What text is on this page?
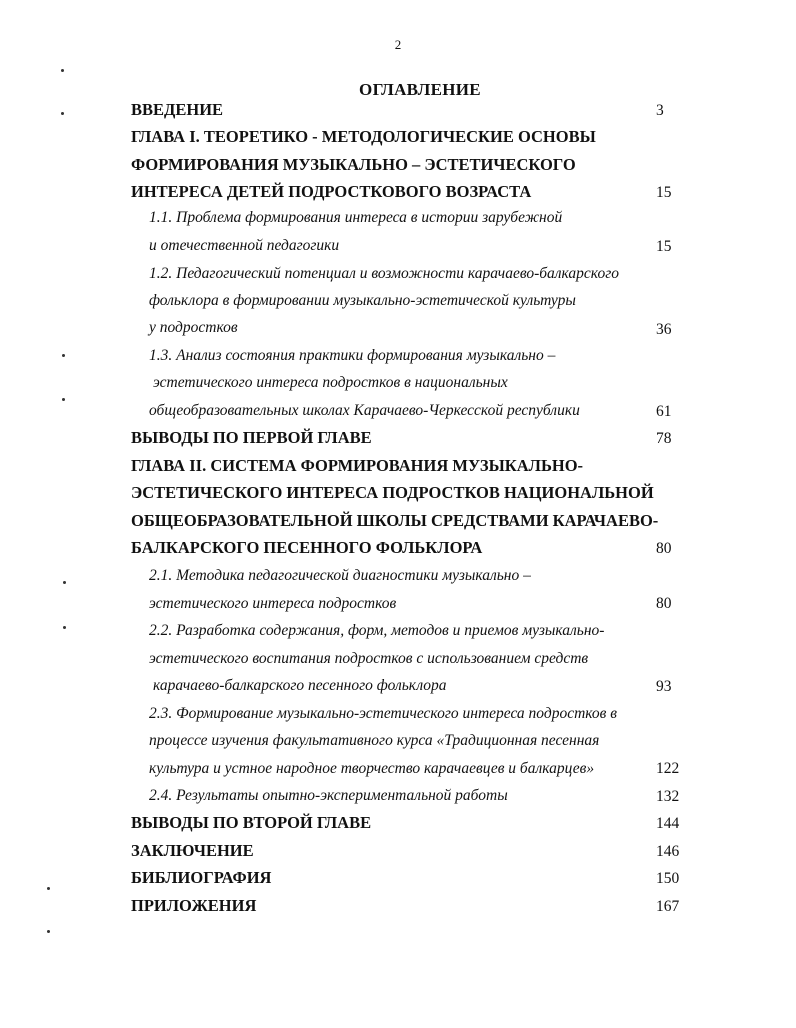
2
ОГЛАВЛЕНИЕ
ВВЕДЕНИЕ	3
ГЛАВА I. ТЕОРЕТИКО - МЕТОДОЛОГИЧЕСКИЕ ОСНОВЫ
ФОРМИРОВАНИЯ МУЗЫКАЛЬНО – ЭСТЕТИЧЕСКОГО
ИНТЕРЕСА ДЕТЕЙ ПОДРОСТКОВОГО ВОЗРАСТА	15
1.1. Проблема формирования интереса в истории зарубежной
и отечественной педагогики	15
1.2. Педагогический потенциал и возможности карачаево-балкарского
фольклора в формировании музыкально-эстетической культуры
у подростков	36
1.3. Анализ состояния практики формирования музыкально –
эстетического интереса подростков в национальных
общеобразовательных школах Карачаево-Черкесской республики	61
ВЫВОДЫ ПО ПЕРВОЙ ГЛАВЕ	78
ГЛАВА II. СИСТЕМА ФОРМИРОВАНИЯ МУЗЫКАЛЬНО-
ЭСТЕТИЧЕСКОГО ИНТЕРЕСА ПОДРОСТКОВ НАЦИОНАЛЬНОЙ
ОБЩЕОБРАЗОВАТЕЛЬНОЙ ШКОЛЫ СРЕДСТВАМИ КАРАЧАЕВО-
БАЛКАРСКОГО ПЕСЕННОГО ФОЛЬКЛОРА	80
2.1. Методика педагогической диагностики музыкально –
эстетического интереса подростков	80
2.2. Разработка содержания, форм, методов и приемов музыкально-
эстетического воспитания подростков с использованием средств
карачаево-балкарского песенного фольклора	93
2.3. Формирование музыкально-эстетического интереса подростков в
процессе изучения факультативного курса «Традиционная песенная
культура и устное народное творчество карачаевцев и балкарцев»	122
2.4. Результаты опытно-экспериментальной работы	132
ВЫВОДЫ ПО ВТОРОЙ ГЛАВЕ	144
ЗАКЛЮЧЕНИЕ	146
БИБЛИОГРАФИЯ	150
ПРИЛОЖЕНИЯ	167
